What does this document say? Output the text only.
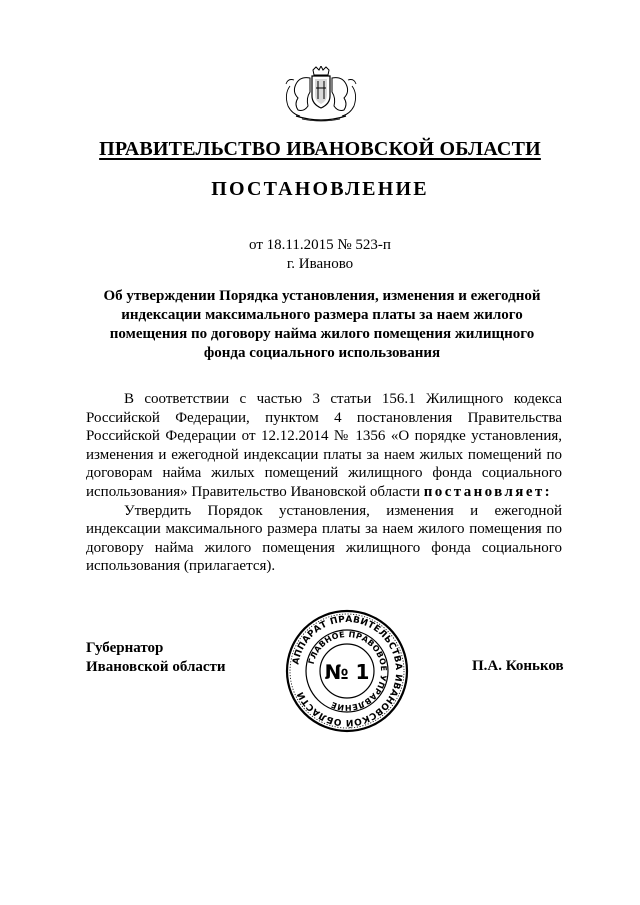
ПРАВИТЕЛЬСТВО ИВАНОВСКОЙ ОБЛАСТИ
ПОСТАНОВЛЕНИЕ
от 18.11.2015 № 523-п
г. Иваново
Об утверждении Порядка установления, изменения и ежегодной индексации максимального размера платы за наем жилого помещения по договору найма жилого помещения жилищного фонда социального использования

В соответствии с частью 3 статьи 156.1 Жилищного кодекса Российской Федерации, пунктом 4 постановления Правительства Российской Федерации от 12.12.2014 № 1356 «О порядке установления, изменения и ежегодной индексации платы за наем жилых помещений по договорам найма жилых помещений жилищного фонда социального использования» Правительство Ивановской области постановляет:

Утвердить Порядок установления, изменения и ежегодной индексации максимального размера платы за наем жилого помещения по договору найма жилого помещения жилищного фонда социального использования (прилагается).

Губернатор
Ивановской области	АППАРАТ ПРАВИТЕЛЬСТВА ИВАНОВСКОЙ ОБЛАСТИ
ГЛАВНОЕ ПРАВОВОЕ УПРАВЛЕНИЕ
№ 1	П.А. Коньков
